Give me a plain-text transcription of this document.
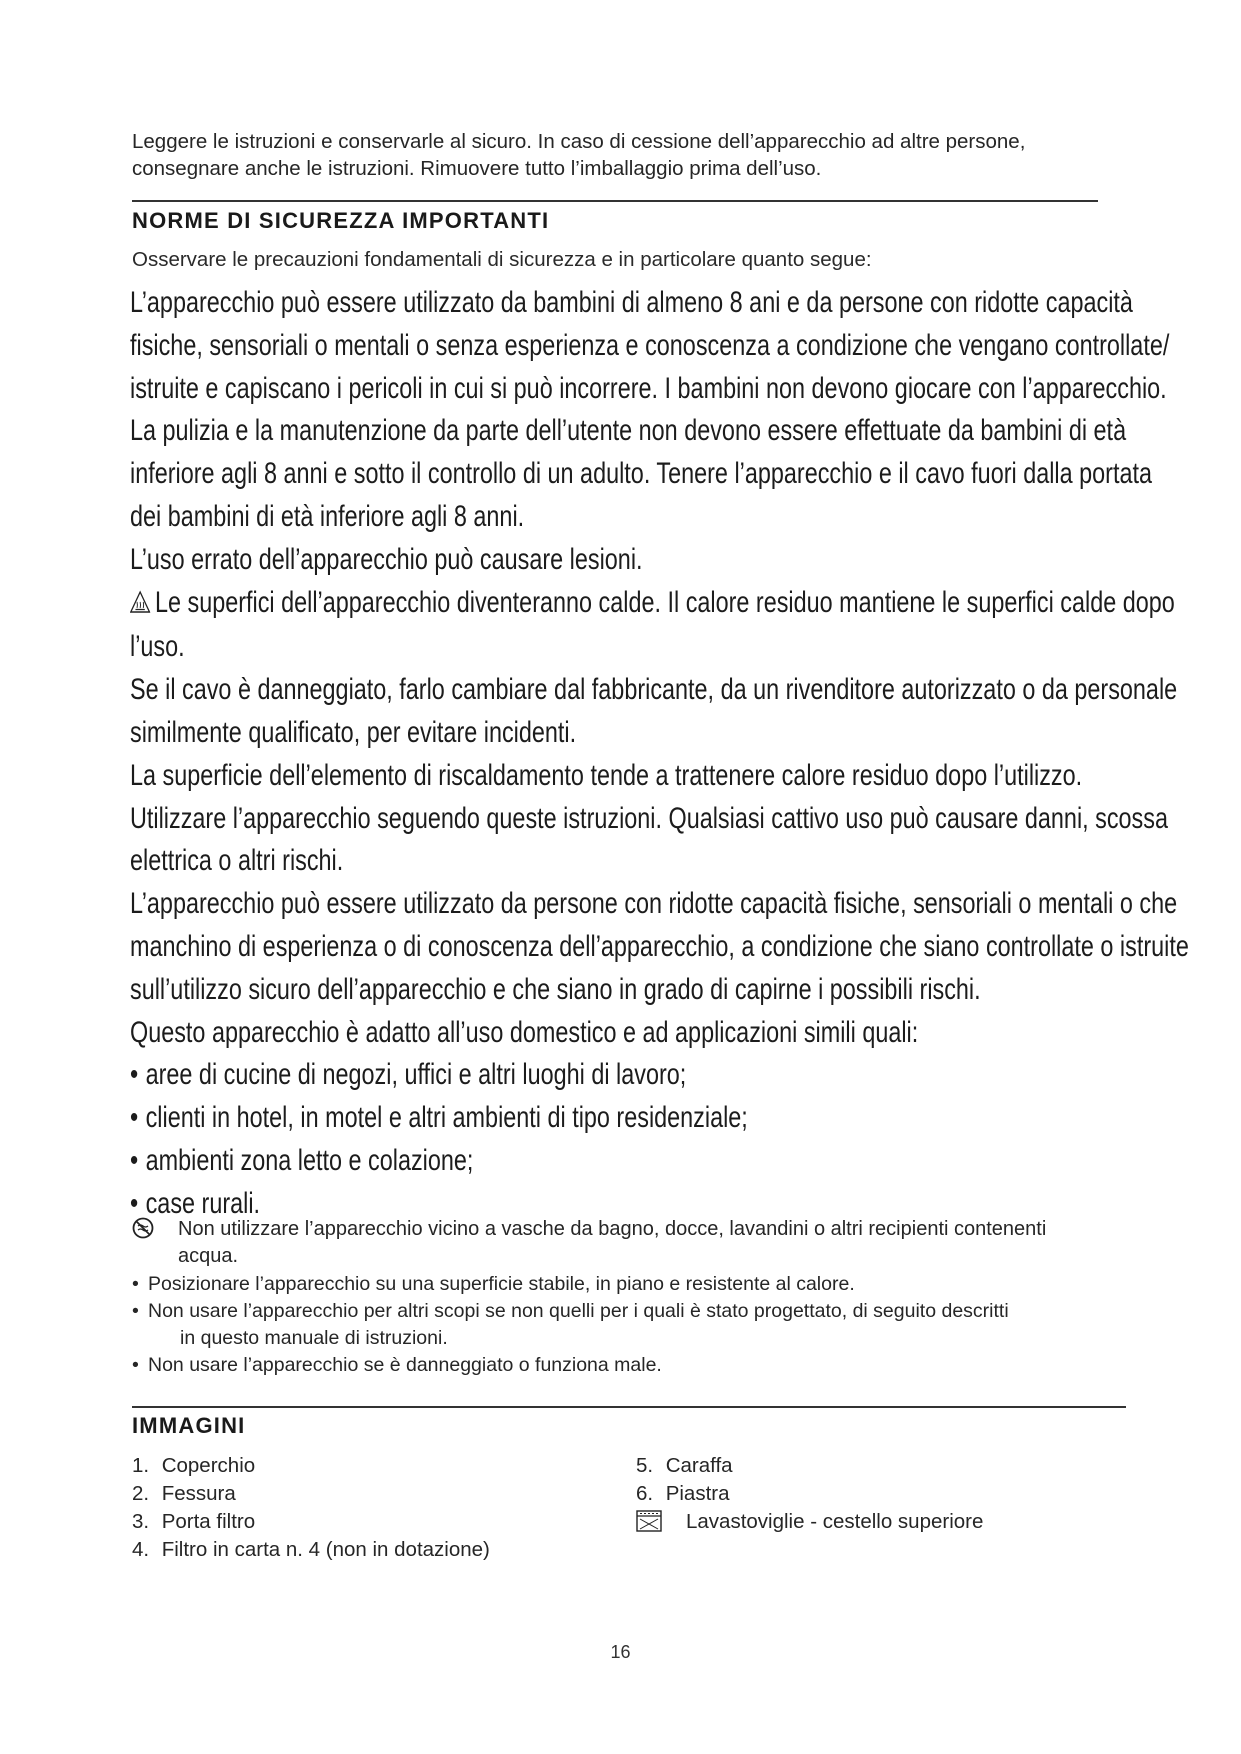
Leggere le istruzioni e conservarle al sicuro. In caso di cessione dell’apparecchio ad altre persone,
consegnare anche le istruzioni. Rimuovere tutto l’imballaggio prima dell’uso.
NORME DI SICUREZZA IMPORTANTI
Osservare le precauzioni fondamentali di sicurezza e in particolare quanto segue:

L’apparecchio può essere utilizzato da bambini di almeno 8 ani e da persone con ridotte capacità

fisiche, sensoriali o mentali o senza esperienza e conoscenza a condizione che vengano controllate/

istruite e capiscano i pericoli in cui si può incorrere. I bambini non devono giocare con l’apparecchio.

La pulizia e la manutenzione da parte dell’utente non devono essere effettuate da bambini di età

inferiore agli 8 anni e sotto il controllo di un adulto. Tenere l’apparecchio e il cavo fuori dalla portata

dei bambini di età inferiore agli 8 anni.

L’uso errato dell’apparecchio può causare lesioni.

Le superfici dell’apparecchio diventeranno calde. Il calore residuo mantiene le superfici calde dopo

l’uso.

Se il cavo è danneggiato, farlo cambiare dal fabbricante, da un rivenditore autorizzato o da personale

similmente qualificato, per evitare incidenti.

La superficie dell’elemento di riscaldamento tende a trattenere calore residuo dopo l’utilizzo.

Utilizzare l’apparecchio seguendo queste istruzioni. Qualsiasi cattivo uso può causare danni, scossa

elettrica o altri rischi.

L’apparecchio può essere utilizzato da persone con ridotte capacità fisiche, sensoriali o mentali o che

manchino di esperienza o di conoscenza dell’apparecchio, a condizione che siano controllate o istruite

sull’utilizzo sicuro dell’apparecchio e che siano in grado di capirne i possibili rischi.

Questo apparecchio è adatto all’uso domestico e ad applicazioni simili quali:

• aree di cucine di negozi, uffici e altri luoghi di lavoro;

• clienti in hotel, in motel e altri ambienti di tipo residenziale;

• ambienti zona letto e colazione;

• case rurali.

Non utilizzare l’apparecchio vicino a vasche da bagno, docce, lavandini o altri recipienti contenenti
acqua.
• Posizionare l’apparecchio su una superficie stabile, in piano e resistente al calore.
• Non usare l’apparecchio per altri scopi se non quelli per i quali è stato progettato, di seguito descritti
in questo manuale di istruzioni.
• Non usare l’apparecchio se è danneggiato o funziona male.
IMMAGINI
1. Coperchio
2. Fessura
3. Porta filtro
4. Filtro in carta n. 4 (non in dotazione)
5. Caraffa
6. Piastra
Lavastoviglie - cestello superiore
16
